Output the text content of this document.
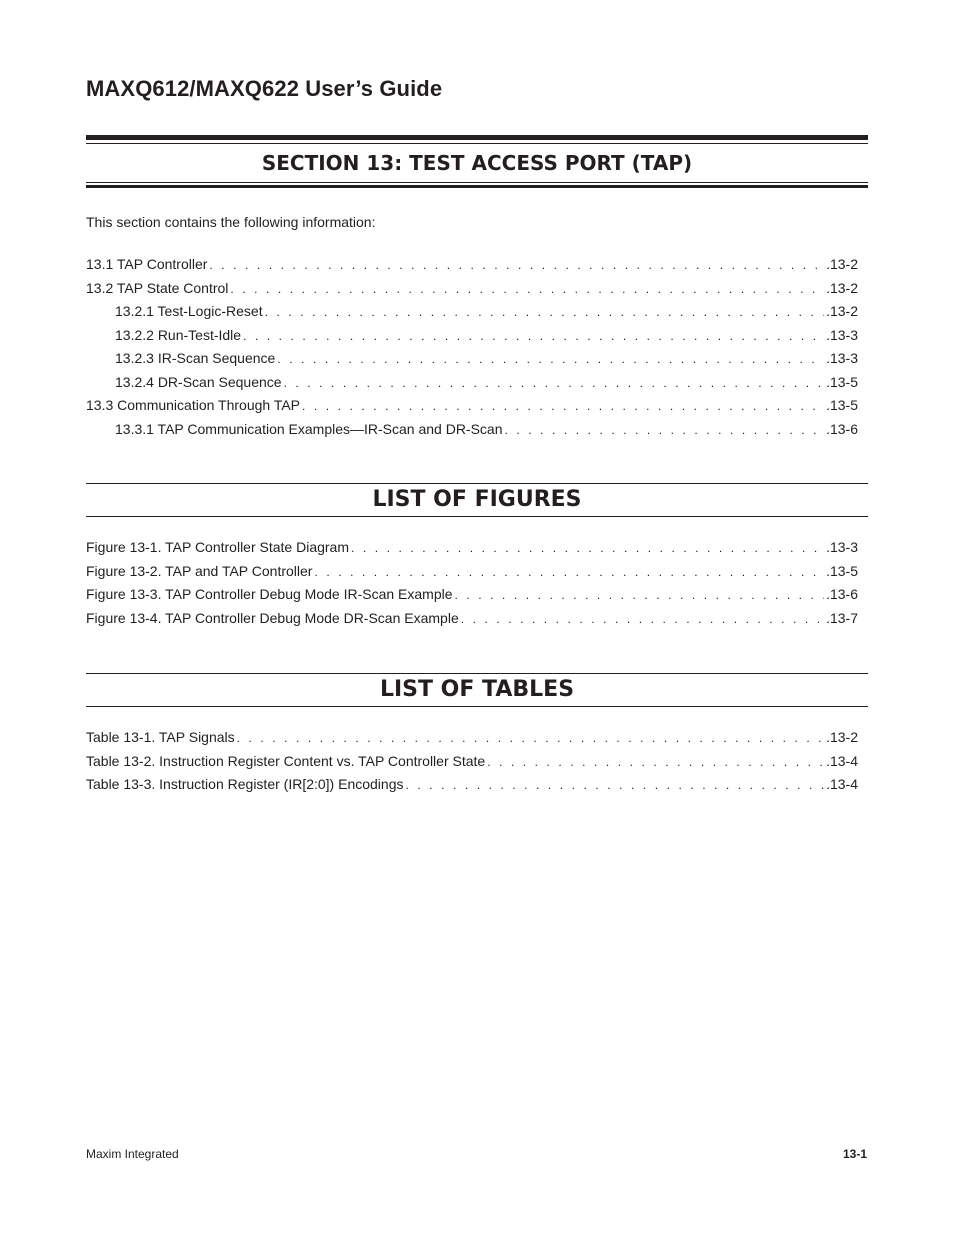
MAXQ612/MAXQ622 User’s Guide
SECTION 13: TEST ACCESS PORT (TAP)
This section contains the following information:
13.1 TAP Controller . . .	.13-2
13.2 TAP State Control . . .	.13-2
13.2.1 Test-Logic-Reset . . .	.13-2
13.2.2 Run-Test-Idle . . .	.13-3
13.2.3 IR-Scan Sequence . . .	.13-3
13.2.4 DR-Scan Sequence . . .	.13-5
13.3 Communication Through TAP . . .	.13-5
13.3.1 TAP Communication Examples—IR-Scan and DR-Scan . . .	.13-6
LIST OF FIGURES
Figure 13-1. TAP Controller State Diagram . . .	.13-3
Figure 13-2. TAP and TAP Controller . . .	.13-5
Figure 13-3. TAP Controller Debug Mode IR-Scan Example . . .	.13-6
Figure 13-4. TAP Controller Debug Mode DR-Scan Example . . .	.13-7
LIST OF TABLES
Table 13-1. TAP Signals . . .	.13-2
Table 13-2. Instruction Register Content vs. TAP Controller State . . .	.13-4
Table 13-3. Instruction Register (IR[2:0]) Encodings . . .	.13-4
Maxim Integrated	13-1
